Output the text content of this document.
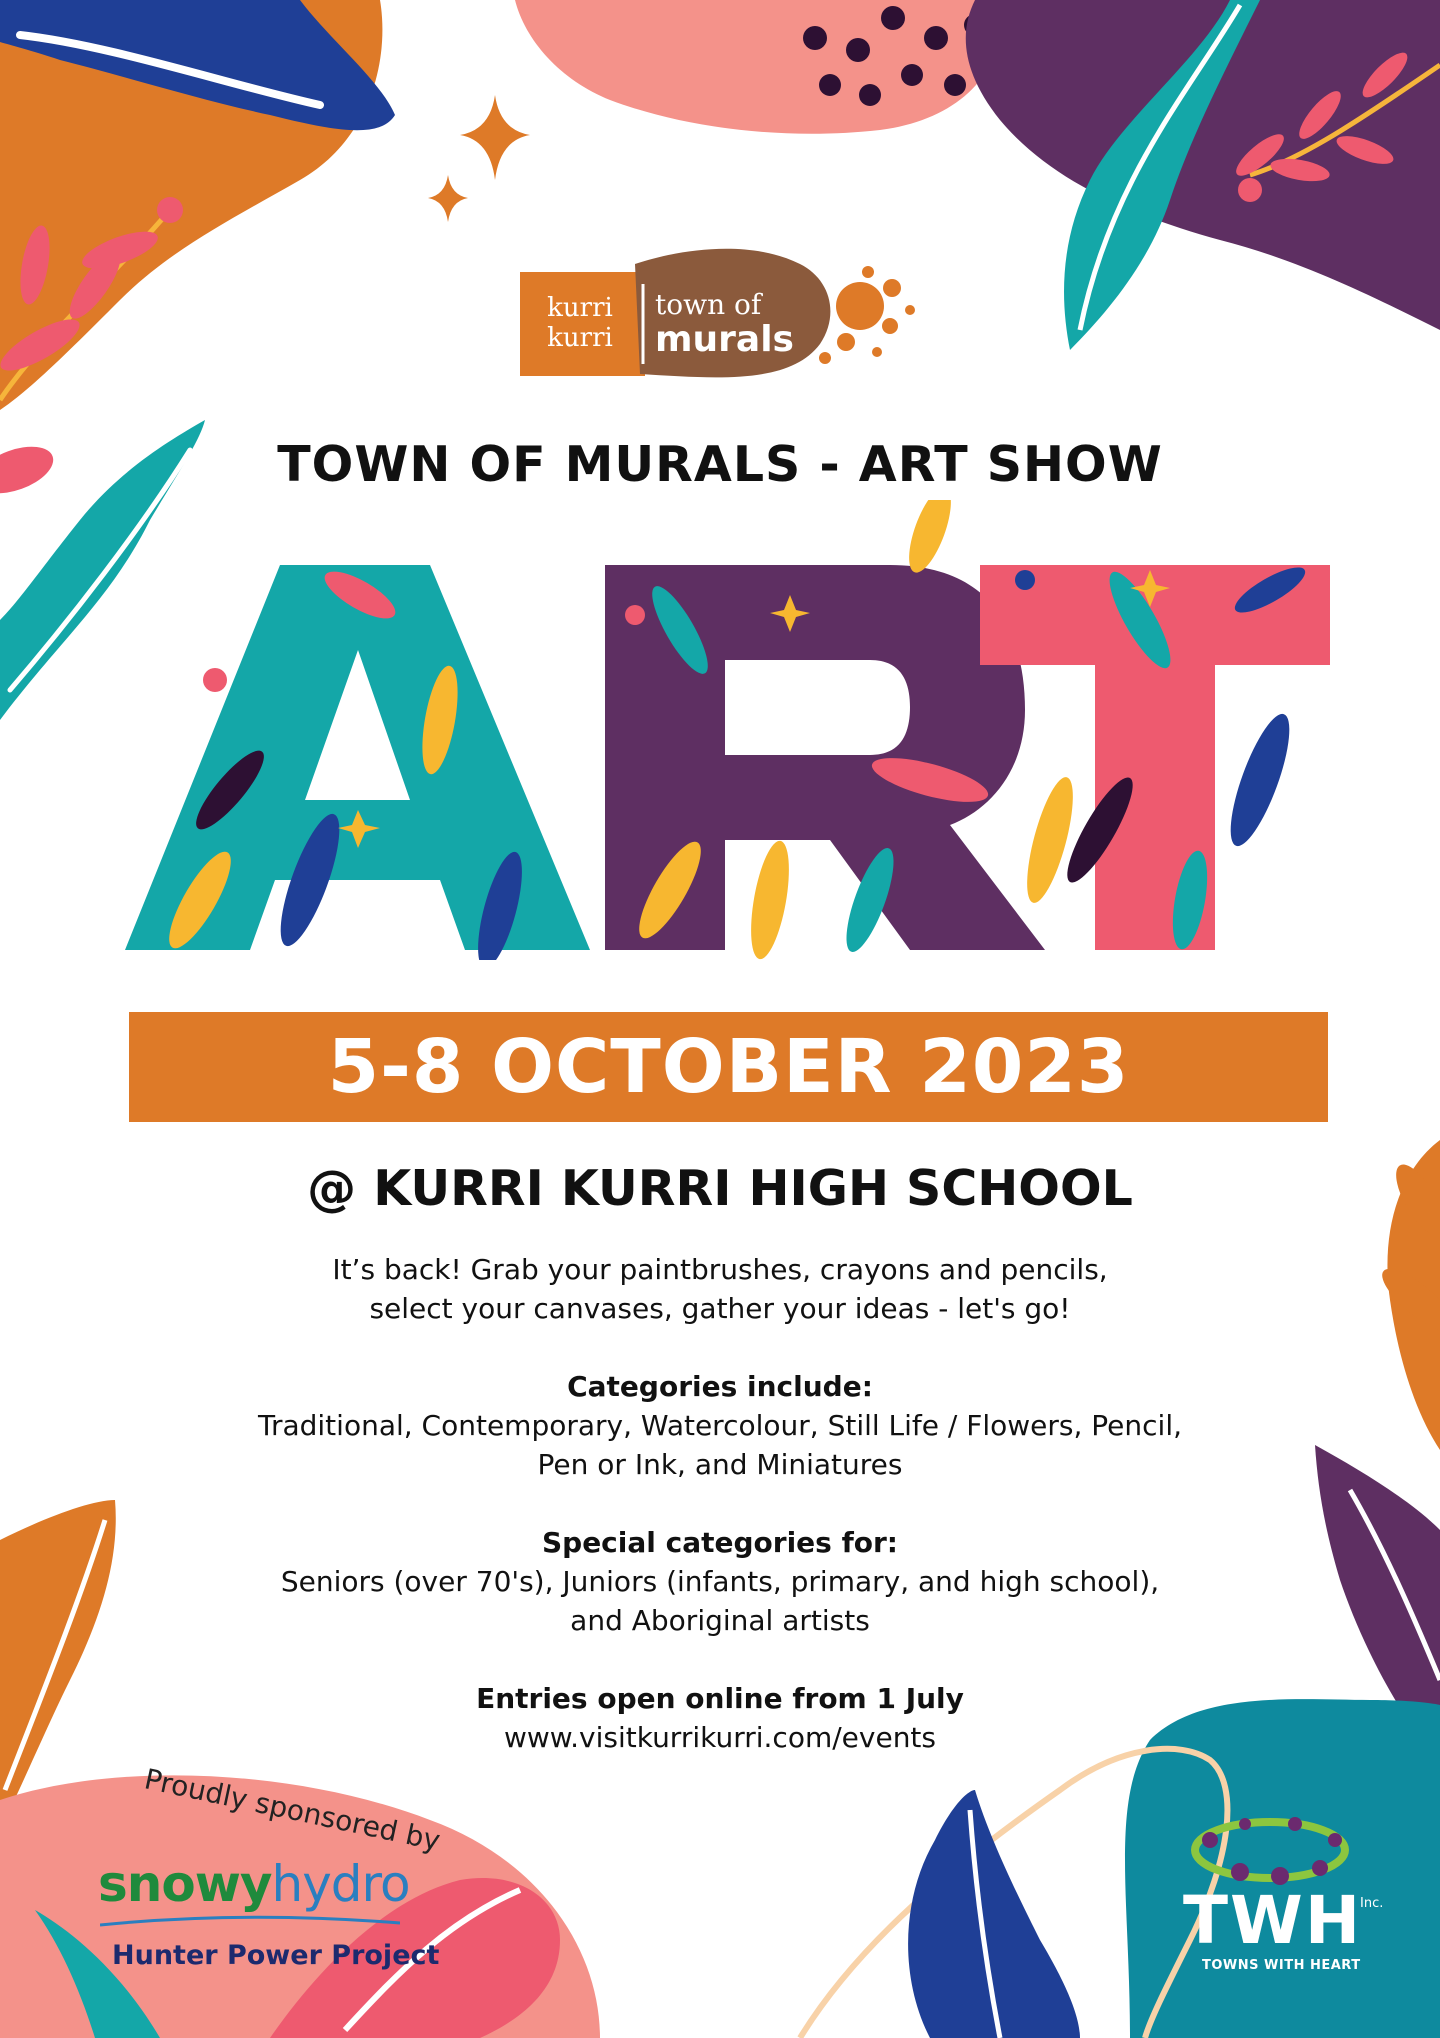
kurri
kurri
town of
murals
TOWN OF MURALS - ART SHOW
5-8 OCTOBER 2023
@ KURRI KURRI HIGH SCHOOL
It’s back! Grab your paintbrushes, crayons and pencils,
select your canvases, gather your ideas - let's go!
Categories include:
Traditional, Contemporary, Watercolour, Still Life / Flowers, Pencil,
Pen or Ink, and Miniatures
Special categories for:
Seniors (over 70's), Juniors (infants, primary, and high school),
and Aboriginal artists
Entries open online from 1 July
www.visitkurrikurri.com/events
Proudly sponsored by
snowyhydro
Hunter Power Project	TWH
Inc.
TOWNS WITH HEART
